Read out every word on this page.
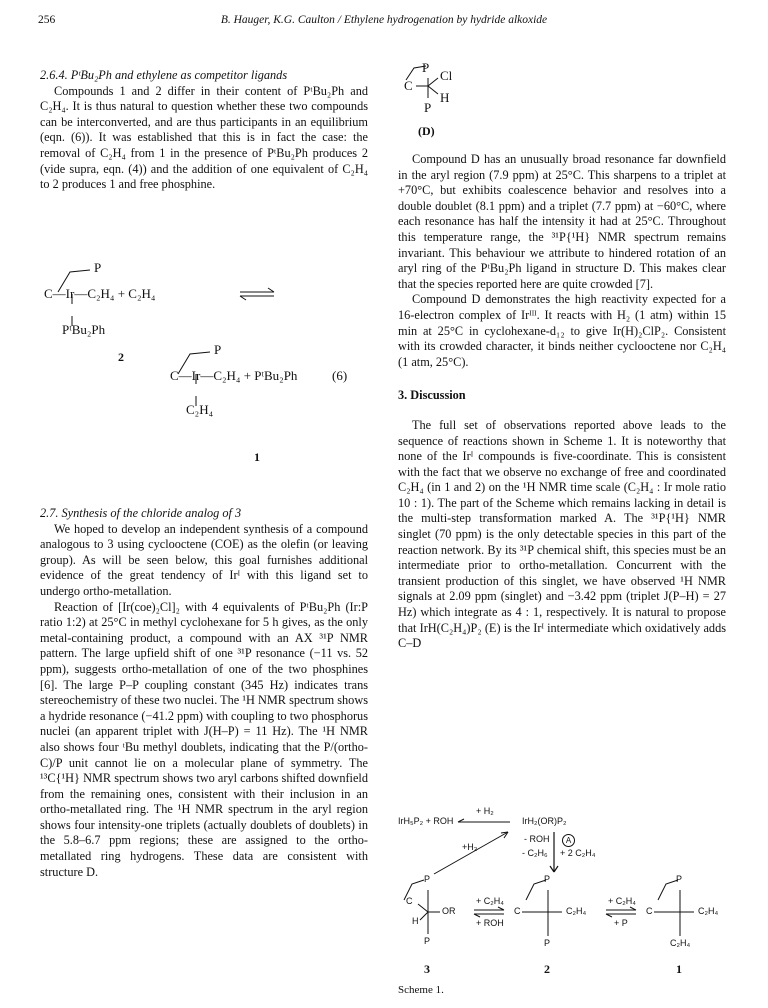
256	B. Hauger, K.G. Caulton / Ethylene hydrogenation by hydride alkoxide
2.6.4. PᵗBu₂Ph and ethylene as competitor ligands

Compounds 1 and 2 differ in their content of PᵗBu₂Ph and C₂H₄. It is thus natural to question whether these two compounds can be interconverted, and are thus participants in an equilibrium (eqn. (6)). It was established that this is in fact the case: the removal of C₂H₄ from 1 in the presence of PᵗBu₂Ph produces 2 (vide supra, eqn. (4)) and the addition of one equivalent of C₂H₄ to 2 produces 1 and free phosphine.

P
C—Ir—C₂H₄ + C₂H₄
PᵗBu₂Ph
2	P
C—Ir—C₂H₄ + PᵗBu₂Ph	(6)
C₂H₄
1
2.7. Synthesis of the chloride analog of 3

We hoped to develop an independent synthesis of a compound analogous to 3 using cyclooctene (COE) as the olefin (or leaving group). As will be seen below, this goal furnishes additional evidence of the great tendency of Irᴵ with this ligand set to undergo ortho-metallation.

Reaction of [Ir(coe)₂Cl]₂ with 4 equivalents of PᵗBu₂Ph (Ir:P ratio 1:2) at 25°C in methyl cyclohexane for 5 h gives, as the only metal-containing product, a compound with an AX ³¹P NMR pattern. The large upfield shift of one ³¹P resonance (−11 vs. 52 ppm), suggests ortho-metallation of one of the two phosphines [6]. The large P–P coupling constant (345 Hz) indicates trans stereochemistry of these two nuclei. The ¹H NMR spectrum shows a hydride resonance (−41.2 ppm) with coupling to two phosphorus nuclei (an apparent triplet with J(H–P) = 11 Hz). The ¹H NMR also shows four ᵗBu methyl doublets, indicating that the P/(ortho-C)/P unit cannot lie on a molecular plane of symmetry. The ¹³C{¹H} NMR spectrum shows two aryl carbons shifted downfield from the remaining ones, consistent with their inclusion in an ortho-metallated ring. The ¹H NMR spectrum in the aryl region shows four intensity-one triplets (actually doublets of doublets) in the 5.8–6.7 ppm regions; these are assigned to the ortho-metallated ring hydrogens. These data are consistent with structure D.

P
Cl
C
H
P
(D)

Compound D has an unusually broad resonance far downfield in the aryl region (7.9 ppm) at 25°C. This sharpens to a triplet at +70°C, but exhibits coalescence behavior and resolves into a double doublet (8.1 ppm) and a triplet (7.7 ppm) at −60°C, where each resonance has half the intensity it had at 25°C. Throughout this temperature range, the ³¹P{¹H} NMR spectrum remains invariant. This behaviour we attribute to hindered rotation of an aryl ring of the PᵗBu₂Ph ligand in structure D. This makes clear that the species reported here are quite crowded [7].

Compound D demonstrates the high reactivity expected for a 16-electron complex of Irᴵᴵᴵ. It reacts with H₂ (1 atm) within 15 min at 25°C in cyclohexane-d₁₂ to give Ir(H)₂ClP₂. Consistent with its crowded character, it binds neither cyclooctene nor C₂H₄ (1 atm, 25°C).

3. Discussion

The full set of observations reported above leads to the sequence of reactions shown in Scheme 1. It is noteworthy that none of the Irᴵ compounds is five-coordinate. This is consistent with the fact that we observe no exchange of free and coordinated C₂H₄ (in 1 and 2) on the ¹H NMR time scale (C₂H₄ : Ir mole ratio 10 : 1). The part of the Scheme which remains lacking in detail is the multi-step transformation marked A. The ³¹P{¹H} NMR singlet (70 ppm) is the only detectable species in this part of the reaction network. By its ³¹P chemical shift, this species must be an intermediate prior to ortho-metallation. Concurrent with the transient production of this singlet, we have observed ¹H NMR signals at 2.09 ppm (singlet) and −3.42 ppm (triplet J(P–H) = 27 Hz) which integrate as 4 : 1, respectively. It is natural to propose that IrH(C₂H₄)P₂ (E) is the Irᴵ intermediate which oxidatively adds C–D

IrH₅P₂ + ROH
+ H₂
IrH₂(OR)P₂
+H₂
- ROH	A
- C₂H₆ + 2 C₂H₄
P
C
OR
H
P
+ C₂H₄
+ ROH
P
C	C₂H₄
P
+ C₂H₄
+ P
P
C	C₂H₄
C₂H₄
3	2	1
Scheme 1.
